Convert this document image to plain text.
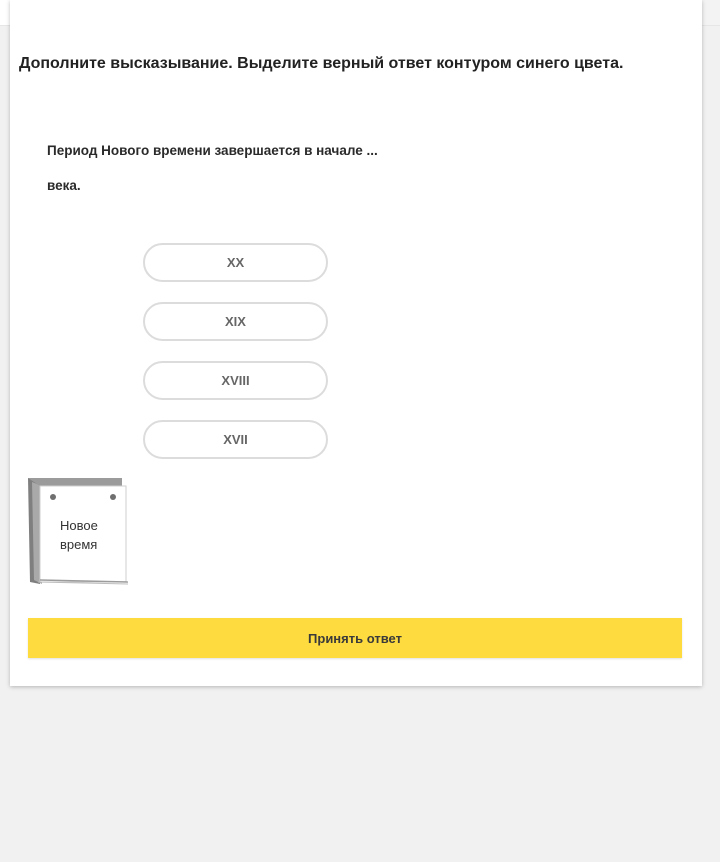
Дополните высказывание. Выделите верный ответ контуром синего цвета.
Период Нового времени завершается в начале ...
века.
XX
XIX
XVIII
XVII
Новое
время
Принять ответ
